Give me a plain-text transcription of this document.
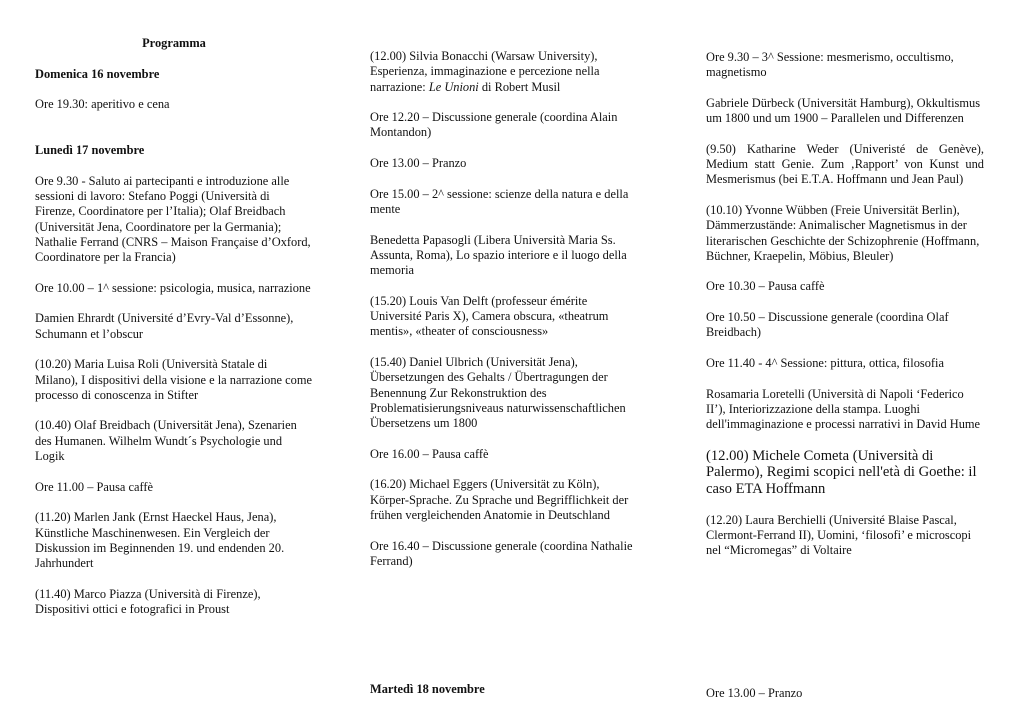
Programma

Domenica 16 novembre

Ore 19.30: aperitivo e cena

Lunedì 17 novembre

Ore 9.30 - Saluto ai partecipanti e introduzione alle sessioni di lavoro: Stefano Poggi (Università di Firenze, Coordinatore per l’Italia); Olaf Breidbach (Universität Jena, Coordinatore per la Germania); Nathalie Ferrand (CNRS – Maison Française d’Oxford, Coordinatore per la Francia)

Ore 10.00 – 1^ sessione: psicologia, musica, narrazione

Damien Ehrardt (Université d’Evry-Val d’Essonne), Schumann et l’obscur

(10.20) Maria Luisa Roli (Università Statale di Milano), I dispositivi della visione e la narrazione come processo di conoscenza in Stifter

(10.40) Olaf Breidbach (Universität Jena), Szenarien des Humanen. Wilhelm Wundt´s Psychologie und Logik

Ore 11.00 – Pausa caffè

(11.20) Marlen Jank (Ernst Haeckel Haus, Jena), Künstliche Maschinenwesen. Ein Vergleich der Diskussion im Beginnenden 19. und endenden 20. Jahrhundert

(11.40) Marco Piazza (Università di Firenze), Dispositivi ottici e fotografici in Proust

(12.00) Silvia Bonacchi (Warsaw University), Esperienza, immaginazione e percezione nella narrazione: Le Unioni di Robert Musil

Ore 12.20 – Discussione generale (coordina Alain Montandon)

Ore 13.00 – Pranzo

Ore 15.00 – 2^ sessione: scienze della natura e della mente

Benedetta Papasogli (Libera Università Maria Ss. Assunta, Roma), Lo spazio interiore e il luogo della memoria

(15.20) Louis Van Delft (professeur émérite Université Paris X), Camera obscura, «theatrum mentis», «theater of consciousness»

(15.40) Daniel Ulbrich (Universität Jena), Übersetzungen des Gehalts / Übertragungen der Benennung Zur Rekonstruktion des Problematisierungsniveaus naturwissenschaftlichen Übersetzens um 1800

Ore 16.00 – Pausa caffè

(16.20) Michael Eggers (Universität zu Köln), Körper-Sprache. Zu Sprache und Begrifflichkeit der frühen vergleichenden Anatomie in Deutschland

Ore 16.40 – Discussione generale (coordina Nathalie Ferrand)

Martedì 18 novembre

Ore 9.30 – 3^ Sessione: mesmerismo, occultismo, magnetismo

Gabriele Dürbeck (Universität Hamburg), Okkultismus um 1800 und um 1900 – Parallelen und Differenzen

(9.50) Katharine Weder (Univeristé de Genève), Medium statt Genie. Zum ‚Rapport’ von Kunst und Mesmerismus (bei E.T.A. Hoffmann und Jean Paul)

(10.10) Yvonne Wübben (Freie Universität Berlin), Dämmerzustände: Animalischer Magnetismus in der literarischen Geschichte der Schizophrenie (Hoffmann, Büchner, Kraepelin, Möbius, Bleuler)

Ore 10.30 – Pausa caffè

Ore 10.50 – Discussione generale (coordina Olaf Breidbach)

Ore 11.40 - 4^ Sessione: pittura, ottica, filosofia

Rosamaria Loretelli (Università di Napoli ‘Federico II’), Interiorizzazione della stampa. Luoghi dell'immaginazione e processi narrativi in David Hume

(12.00) Michele Cometa (Università di Palermo), Regimi scopici nell'età di Goethe: il caso ETA Hoffmann

(12.20) Laura Berchielli (Université Blaise Pascal, Clermont-Ferrand II), Uomini, ‘filosofi’ e microscopi nel “Micromegas” di Voltaire

Ore 13.00 – Pranzo
